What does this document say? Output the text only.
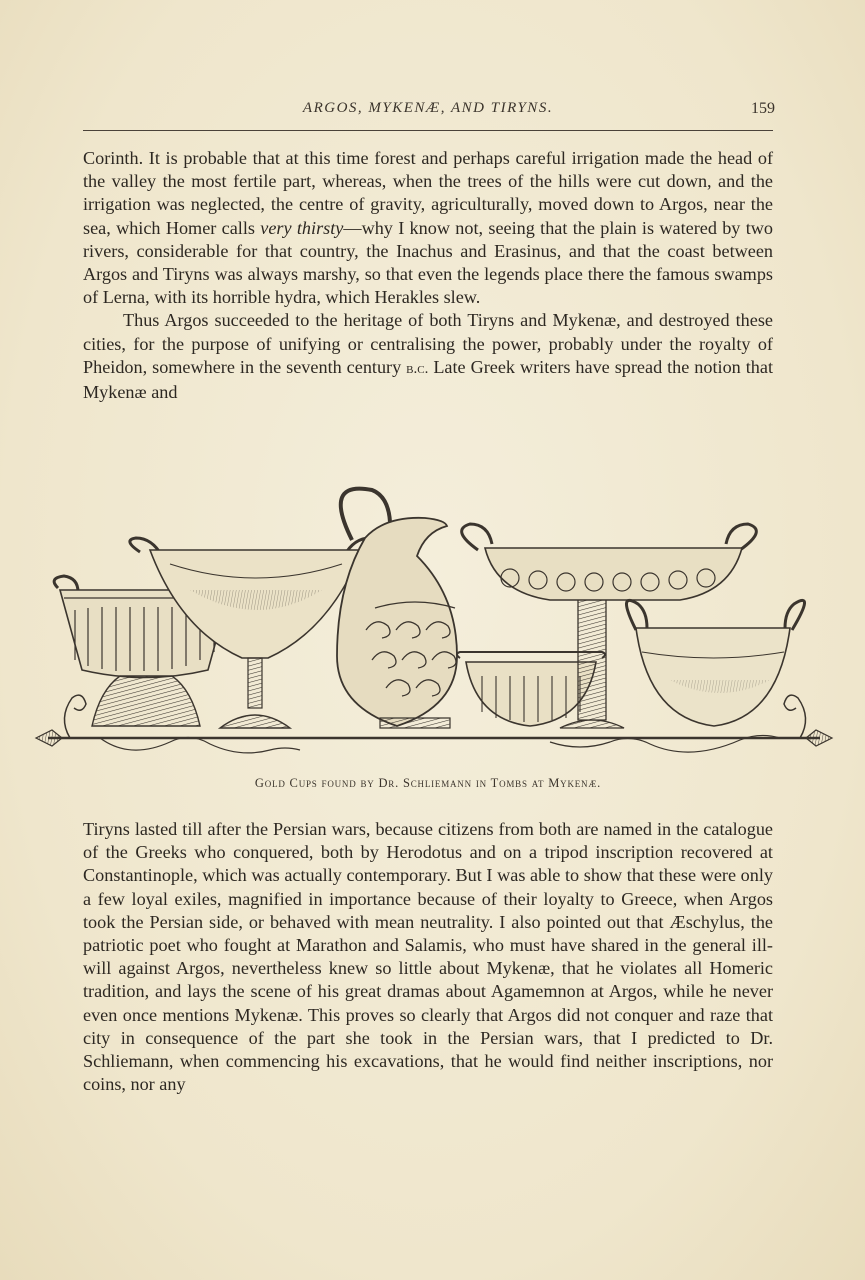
ARGOS, MYKENÆ, AND TIRYNS.	159

Corinth. It is probable that at this time forest and perhaps careful irrigation made the head of the valley the most fertile part, whereas, when the trees of the hills were cut down, and the irrigation was neglected, the centre of gravity, agriculturally, moved down to Argos, near the sea, which Homer calls very thirsty—why I know not, seeing that the plain is watered by two rivers, considerable for that country, the Inachus and Erasinus, and that the coast between Argos and Tiryns was always marshy, so that even the legends place there the famous swamps of Lerna, with its horrible hydra, which Herakles slew.

Thus Argos succeeded to the heritage of both Tiryns and Mykenæ, and destroyed these cities, for the purpose of unifying or centralising the power, probably under the royalty of Pheidon, somewhere in the seventh century b.c. Late Greek writers have spread the notion that Mykenæ and

Gold Cups found by Dr. Schliemann in Tombs at Mykenæ.

Tiryns lasted till after the Persian wars, because citizens from both are named in the catalogue of the Greeks who conquered, both by Herodotus and on a tripod inscription recovered at Constantinople, which was actually contemporary. But I was able to show that these were only a few loyal exiles, magnified in importance because of their loyalty to Greece, when Argos took the Persian side, or behaved with mean neutrality. I also pointed out that Æschylus, the patriotic poet who fought at Marathon and Salamis, who must have shared in the general ill-will against Argos, nevertheless knew so little about Mykenæ, that he violates all Homeric tradition, and lays the scene of his great dramas about Agamemnon at Argos, while he never even once mentions Mykenæ. This proves so clearly that Argos did not conquer and raze that city in consequence of the part she took in the Persian wars, that I predicted to Dr. Schliemann, when commencing his excavations, that he would find neither inscriptions, nor coins, nor any
